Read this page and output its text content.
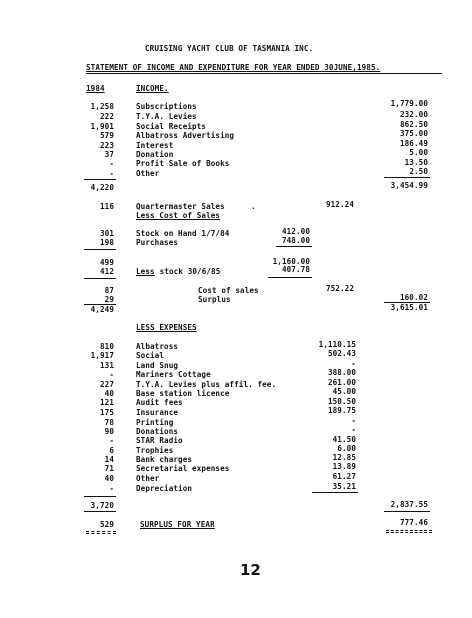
CRUISING YACHT CLUB OF TASMANIA INC.
STATEMENT OF INCOME AND EXPENDITURE FOR YEAR ENDED 30JUNE,1985.
1984	INCOME.
1,258	Subscriptions	1,779.00
222	T.Y.A. Levies	232.00
1,901	Social Receipts	862.50
579	Albatross Advertising	375.00
223	Interest	186.49
37	Donation	5.00
-	Profit Sale of Books	13.50
-	Other	2.50
4,220	3,454.99
116	Quartermaster Sales	.	912.24
Less Cost of Sales
301	Stock on Hand 1/7/84	412.00
198	Purchases	748.00
499	1,160.00
412	Less stock 30/6/85	407.78
87	Cost of sales	752.22
29	Surplus	160.02
4,249	3,615.01
LESS EXPENSES
810	Albatross	1,110.15
1,917	Social	502.43
131	Land Snug	-
-	Mariners Cottage	388.00
227	T.Y.A. Levies plus affil. fee.	261.00
40	Base station licence	45.00
121	Audit fees	150.50
175	Insurance	189.75
78	Printing	-
90	Donations	-
-	STAR Radio	41.50
6	Trophies	6.00
14	Bank charges	12.85
71	Secretarial expenses	13.89
40	Other	61.27
-	Depreciation	35.21
3,720	2,837.55
529	SURPLUS FOR YEAR	777.46
12
